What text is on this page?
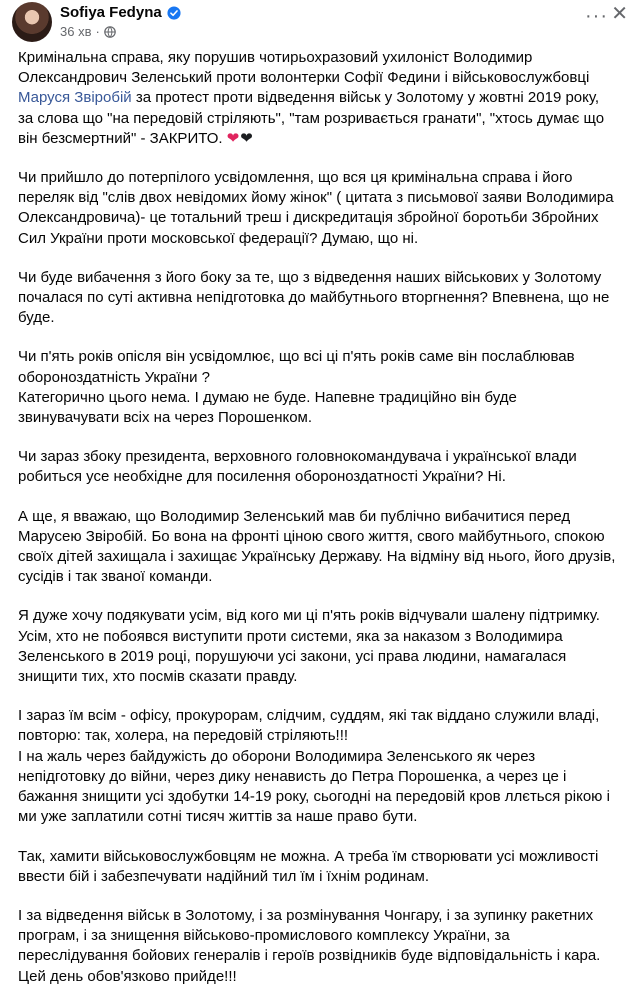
Sofiya Fedyna
36 хв ·
··· ✕

Кримінальна справа, яку порушив чотирьохразовий ухилоніст Володимир Олександрович Зеленський проти волонтерки Софії Федини і військовослужбовці Маруся Звіробій за протест проти відведення військ у Золотому у жовтні 2019 року, за слова що "на передовій стріляють", "там розривається гранати", "хтось думає що він безсмертний" - ЗАКРИТО. ❤❤

Чи прийшло до потерпілого усвідомлення, що вся ця кримінальна справа і його переляк від "слів двох невідомих йому жінок" ( цитата з письмової заяви Володимира Олександровича)- це тотальний треш і дискредитація збройної боротьби Збройних Сил України проти московської федерації? Думаю, що ні.

Чи буде вибачення з його боку за те, що з відведення наших військових у Золотому почалася по суті активна непідготовка до майбутнього вторгнення? Впевнена, що не буде.

Чи п'ять років опісля він усвідомлює, що всі ці п'ять років саме він послаблював обороноздатність України ?
Категорично цього нема. І думаю не буде. Напевне традиційно він буде звинувачувати всіх на через Порошенком.

Чи зараз збоку президента, верховного головнокомандувача і української влади робиться усе необхідне для посилення обороноздатності України? Ні.

А ще, я вважаю, що Володимир Зеленський мав би публічно вибачитися перед Марусею Звіробій. Бо вона на фронті ціною свого життя, свого майбутнього, спокою своїх дітей захищала і захищає Українську Державу. На відміну від нього, його друзів, сусідів і так званої команди.

Я дуже хочу подякувати усім, від кого ми ці п'ять років відчували шалену підтримку.
Усім, хто не побоявся виступити проти системи, яка за наказом з Володимира Зеленського в 2019 році, порушуючи усі закони, усі права людини, намагалася знищити тих, хто посмів сказати правду.

І зараз їм всім - офісу, прокурорам, слідчим, суддям, які так віддано служили владі, повторю: так, холера, на передовій стріляють!!!
І на жаль через байдужість до оборони Володимира Зеленського як через непідготовку до війни, через дику ненависть до Петра Порошенка, а через це і бажання знищити усі здобутки 14-19 року, сьогодні на передовій кров ллється рікою і ми уже заплатили сотні тисяч життів за наше право бути.

Так, хамити військовослужбовцям не можна. А треба їм створювати усі можливості ввести бій і забезпечувати надійний тил їм і їхнім родинам.

І за відведення військ в Золотому, і за розмінування Чонгару, і за зупинку ракетних програм, і за знищення військово-промислового комплексу України, за переслідування бойових генералів і героїв розвідників буде відповідальність і кара.
Цей день обов'язково прийде!!!
